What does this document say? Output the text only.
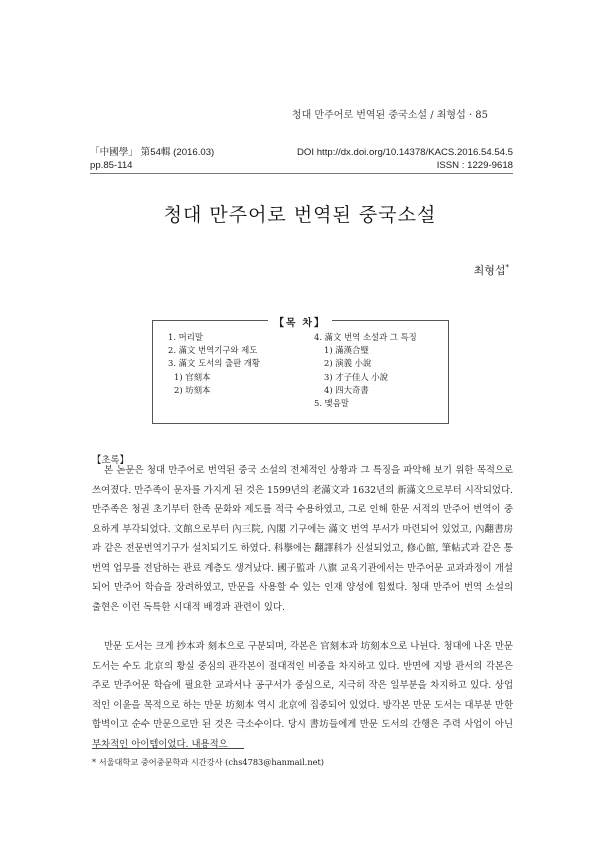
청대 만주어로 번역된 중국소설 / 최형섭 · 85
「中國學」 第54輯 (2016.03)
pp.85-114
DOI http://dx.doi.org/10.14378/KACS.2016.54.54.5
ISSN : 1229-9618
청대 만주어로 번역된 중국소설
최형섭*
【목 차】
1. 머리말
2. 滿文 번역기구와 제도
3. 滿文 도서의 출판 개황
1) 官刻本
2) 坊刻本
4. 滿文 번역 소설과 그 특징
1) 滿漢合璧
2) 演義 小說
3) 才子佳人 小說
4) 四大奇書
5. 맺음말
【초록】

본 논문은 청대 만주어로 번역된 중국 소설의 전체적인 상황과 그 특징을 파악해 보기 위한 목적으로 쓰여졌다. 만주족이 문자를 가지게 된 것은 1599년의 老滿文과 1632년의 新滿文으로부터 시작되었다. 만주족은 청권 초기부터 한족 문화와 제도를 적극 수용하였고, 그로 인해 한문 서적의 만주어 번역이 중요하게 부각되었다. 文館으로부터 內三院, 內閣 기구에는 滿文 번역 부서가 마련되어 있었고, 內翻書房과 같은 전문번역기구가 설치되기도 하였다. 科擧에는 翻譯科가 신설되었고, 修心館, 筆帖式과 같은 통번역 업무를 전담하는 관료 계층도 생겨났다. 國子監과 八旗 교육기관에서는 만주어문 교과과정이 개설되어 만주어 학습을 장려하였고, 만문을 사용할 수 있는 인재 양성에 힘썼다. 청대 만주어 번역 소설의 출현은 이런 독특한 시대적 배경과 관련이 있다.

만문 도서는 크게 抄本과 刻本으로 구분되며, 각본은 官刻本과 坊刻本으로 나뉜다. 청대에 나온 만문 도서는 수도 北京의 황실 중심의 관각본이 절대적인 비중을 차지하고 있다. 반면에 지방 관서의 각본은 주로 만주어문 학습에 필요한 교과서나 공구서가 중심으로, 지극히 작은 일부분을 차지하고 있다. 상업적인 이윤을 목적으로 하는 만문 坊刻本 역시 北京에 집중되어 있었다. 방각본 만문 도서는 대부분 만한합벽이고 순수 만문으로만 된 것은 극소수이다. 당시 書坊들에게 만문 도서의 간행은 주력 사업이 아닌 부차적인 아이템이었다. 내용적으

* 서울대학교 중어중문학과 시간강사 (chs4783@hanmail.net)
